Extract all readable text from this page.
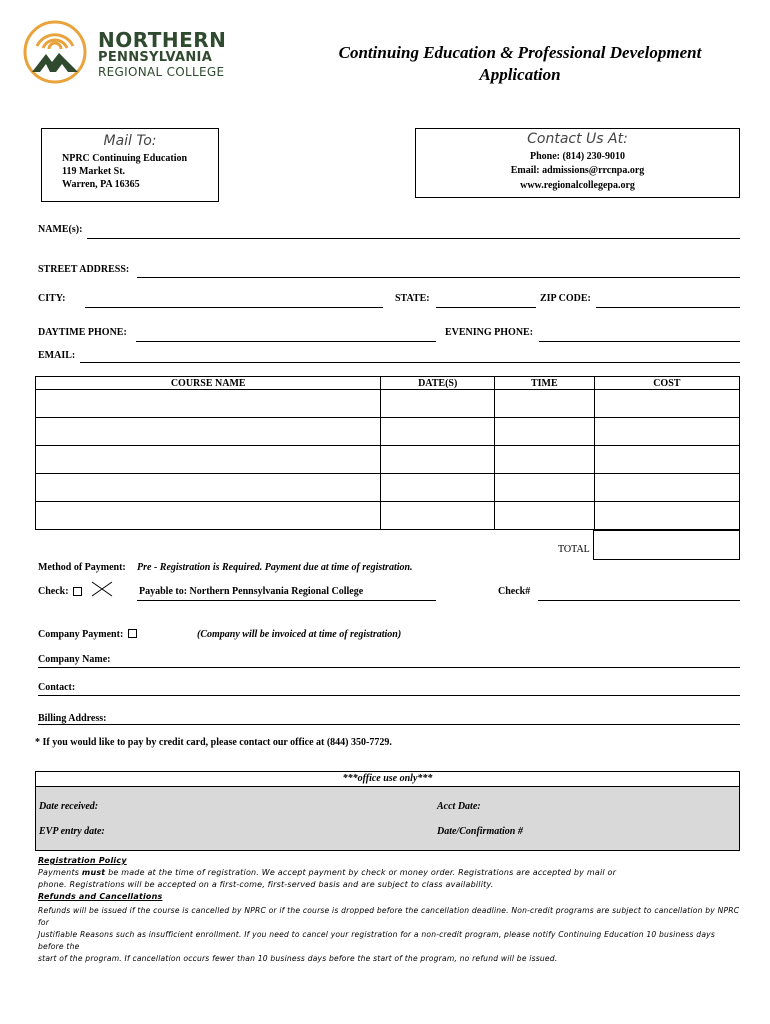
NORTHERN
PENNSYLVANIA
REGIONAL COLLEGE
Continuing Education & Professional Development
Application
Mail To:
NPRC Continuing Education
119 Market St.
Warren, PA 16365
Contact Us At:
Phone: (814) 230-9010
Email: admissions@rrcnpa.org
www.regionalcollegepa.org
NAME(s):
STREET ADDRESS:
CITY:	STATE:	ZIP CODE:
DAYTIME PHONE:	EVENING PHONE:
EMAIL:
COURSE NAME	DATE(S)	TIME	COST

TOTAL
Method of Payment: Pre - Registration is Required. Payment due at time of registration.
Check:	Payable to: Northern Pennsylvania Regional College	Check#
Company Payment:	(Company will be invoiced at time of registration)
Company Name:
Contact:
Billing Address:
* If you would like to pay by credit card, please contact our office at (844) 350-7729.
***office use only***
Date received:	Acct Date:
EVP entry date:	Date/Confirmation #
Registration Policy
Payments must be made at the time of registration. We accept payment by check or money order. Registrations are accepted by mail or
phone. Registrations will be accepted on a first-come, first-served basis and are subject to class availability.
Refunds and Cancellations
Refunds will be issued if the course is cancelled by NPRC or if the course is dropped before the cancellation deadline. Non-credit programs are subject to cancellation by NPRC for
Justifiable Reasons such as insufficient enrollment. If you need to cancel your registration for a non-credit program, please notify Continuing Education 10 business days before the
start of the program. If cancellation occurs fewer than 10 business days before the start of the program, no refund will be issued.
